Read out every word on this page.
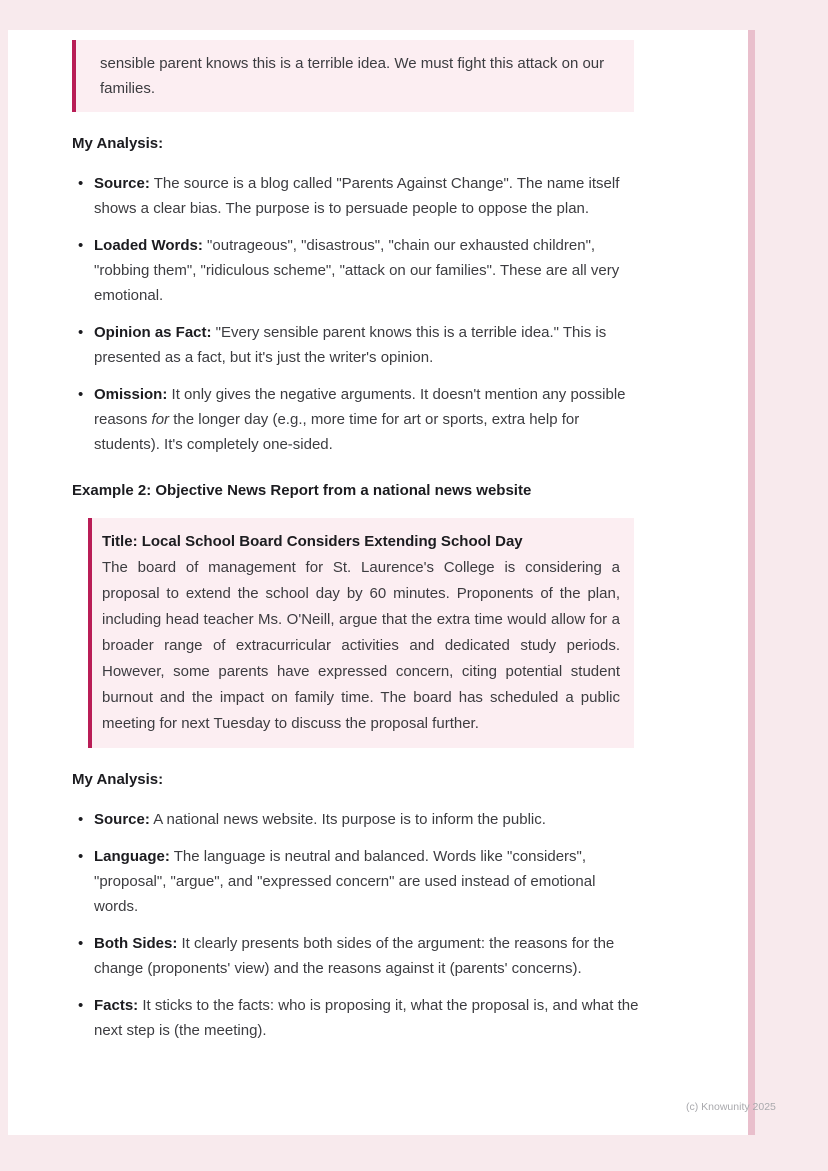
sensible parent knows this is a terrible idea. We must fight this attack on our families.

My Analysis:
• Source: The source is a blog called "Parents Against Change". The name itself shows a clear bias. The purpose is to persuade people to oppose the plan.
• Loaded Words: "outrageous", "disastrous", "chain our exhausted children", "robbing them", "ridiculous scheme", "attack on our families". These are all very emotional.
• Opinion as Fact: "Every sensible parent knows this is a terrible idea." This is presented as a fact, but it's just the writer's opinion.
• Omission: It only gives the negative arguments. It doesn't mention any possible reasons for the longer day (e.g., more time for art or sports, extra help for students). It's completely one-sided.
Example 2: Objective News Report from a national news website

Title: Local School Board Considers Extending School Day

The board of management for St. Laurence's College is considering a proposal to extend the school day by 60 minutes. Proponents of the plan, including head teacher Ms. O'Neill, argue that the extra time would allow for a broader range of extracurricular activities and dedicated study periods. However, some parents have expressed concern, citing potential student burnout and the impact on family time. The board has scheduled a public meeting for next Tuesday to discuss the proposal further.

My Analysis:
• Source: A national news website. Its purpose is to inform the public.
• Language: The language is neutral and balanced. Words like "considers", "proposal", "argue", and "expressed concern" are used instead of emotional words.
• Both Sides: It clearly presents both sides of the argument: the reasons for the change (proponents' view) and the reasons against it (parents' concerns).
• Facts: It sticks to the facts: who is proposing it, what the proposal is, and what the next step is (the meeting).
(c) Knowunity 2025
